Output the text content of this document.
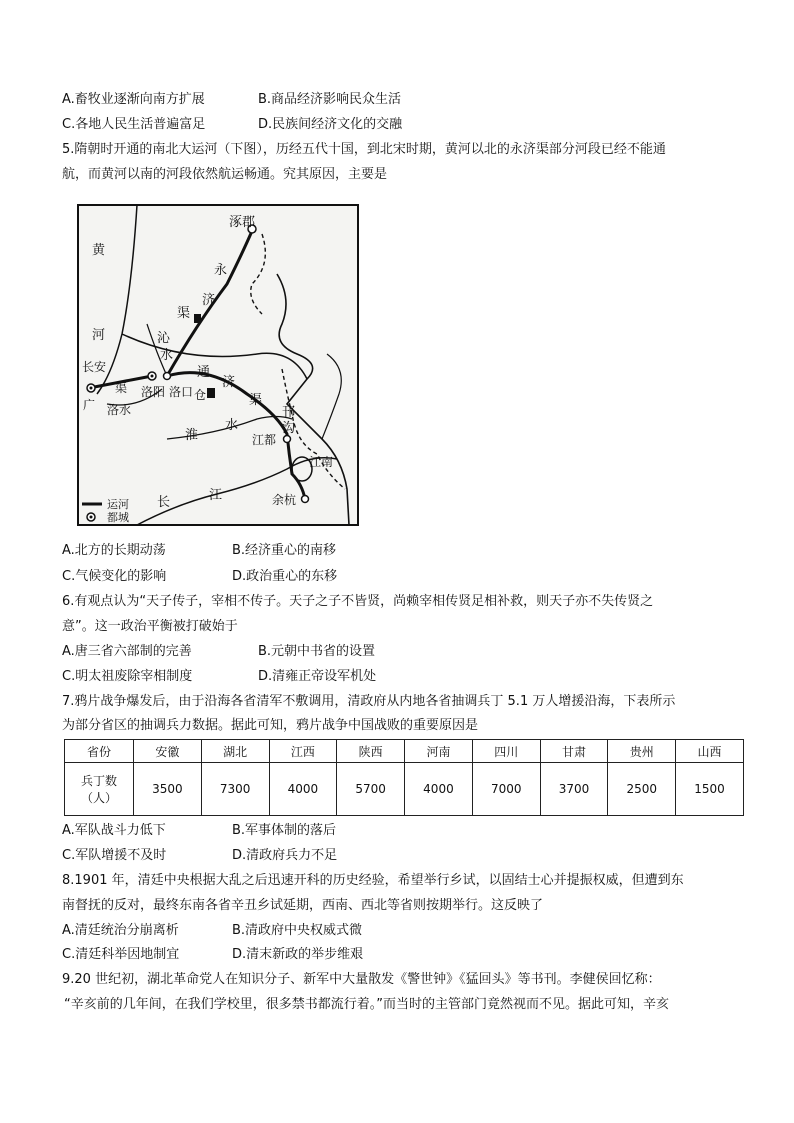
A.畜牧业逐渐向南方扩展	B.商品经济影响民众生活
C.各地人民生活普遍富足	D.民族间经济文化的交融
5.隋朝时开通的南北大运河（下图），历经五代十国，到北宋时期，黄河以北的永济渠部分河段已经不能通
航，而黄河以南的河段依然航运畅通。究其原因，主要是
涿郡
黄
河
永
济
渠
沁
水
长安
广
渠
洛水
洛阳 洛口
通
仓
济
渠
邗
沟
淮
水
江都
江南
余杭
长	江
运河
都城
A.北方的长期动荡	B.经济重心的南移
C.气候变化的影响	D.政治重心的东移
6.有观点认为“天子传子，宰相不传子。天子之子不皆贤，尚赖宰相传贤足相补救，则天子亦不失传贤之
意”。这一政治平衡被打破始于
A.唐三省六部制的完善	B.元朝中书省的设置
C.明太祖废除宰相制度	D.清雍正帝设军机处
7.鸦片战争爆发后，由于沿海各省清军不敷调用，清政府从内地各省抽调兵丁 5.1 万人增援沿海，下表所示
为部分省区的抽调兵力数据。据此可知，鸦片战争中国战败的重要原因是
省份	安徽	湖北	江西	陕西	河南	四川	甘肃	贵州	山西

兵丁数
（人）	3500	7300	4000	5700	4000	7000	3700	2500	1500
A.军队战斗力低下	B.军事体制的落后
C.军队增援不及时	D.清政府兵力不足
8.1901 年，清廷中央根据大乱之后迅速开科的历史经验，希望举行乡试，以固结士心并提振权威，但遭到东
南督抚的反对，最终东南各省辛丑乡试延期，西南、西北等省则按期举行。这反映了
A.清廷统治分崩离析	B.清政府中央权威式微
C.清廷科举因地制宜	D.清末新政的举步维艰
9.20 世纪初，湖北革命党人在知识分子、新军中大量散发《警世钟》《猛回头》等书刊。李健侯回忆称：
“辛亥前的几年间，在我们学校里，很多禁书都流行着。”而当时的主管部门竟然视而不见。据此可知，辛亥
